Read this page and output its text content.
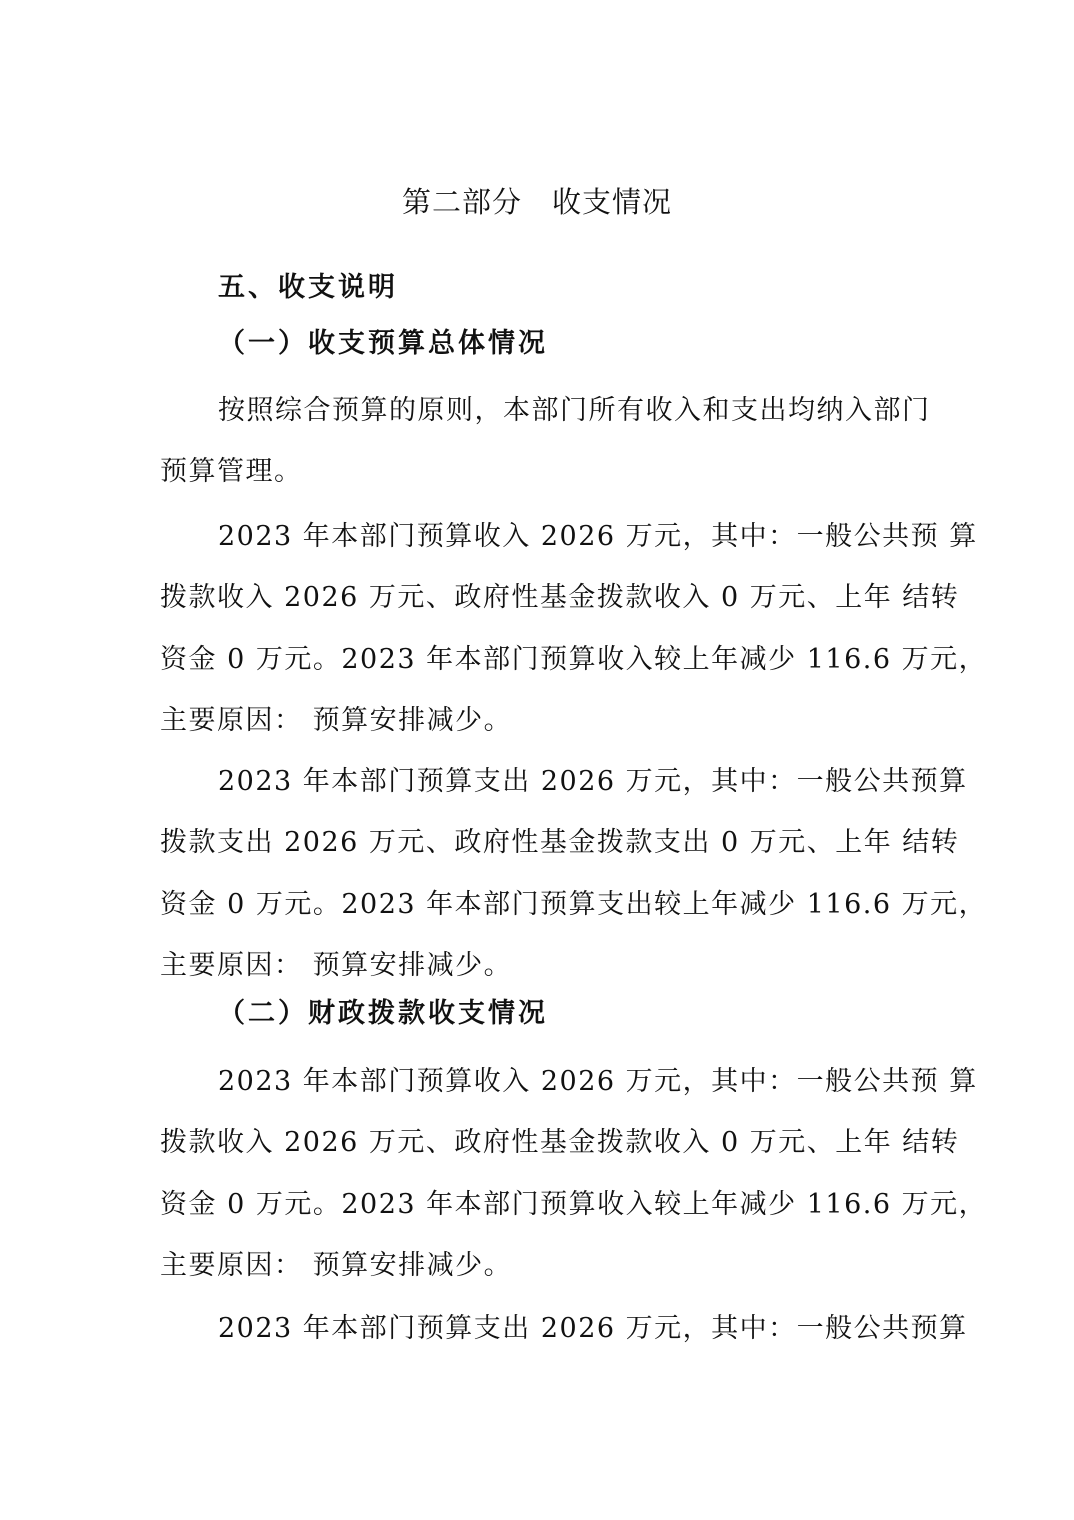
第二部分　收支情况
五、收支说明
（一）收支预算总体情况
按照综合预算的原则，本部门所有收入和支出均纳入部门
预算管理。
2023 年本部门预算收入 2026 万元，其中：一般公共预 算
拨款收入 2026 万元、政府性基金拨款收入 0 万元、上年 结转
资金 0 万元。2023 年本部门预算收入较上年减少 116.6 万元，
主要原因： 预算安排减少。
2023 年本部门预算支出 2026 万元，其中：一般公共预算
拨款支出 2026 万元、政府性基金拨款支出 0 万元、上年 结转
资金 0 万元。2023 年本部门预算支出较上年减少 116.6 万元，
主要原因： 预算安排减少。
（二）财政拨款收支情况
2023 年本部门预算收入 2026 万元，其中：一般公共预 算
拨款收入 2026 万元、政府性基金拨款收入 0 万元、上年 结转
资金 0 万元。2023 年本部门预算收入较上年减少 116.6 万元，
主要原因： 预算安排减少。
2023 年本部门预算支出 2026 万元，其中：一般公共预算
